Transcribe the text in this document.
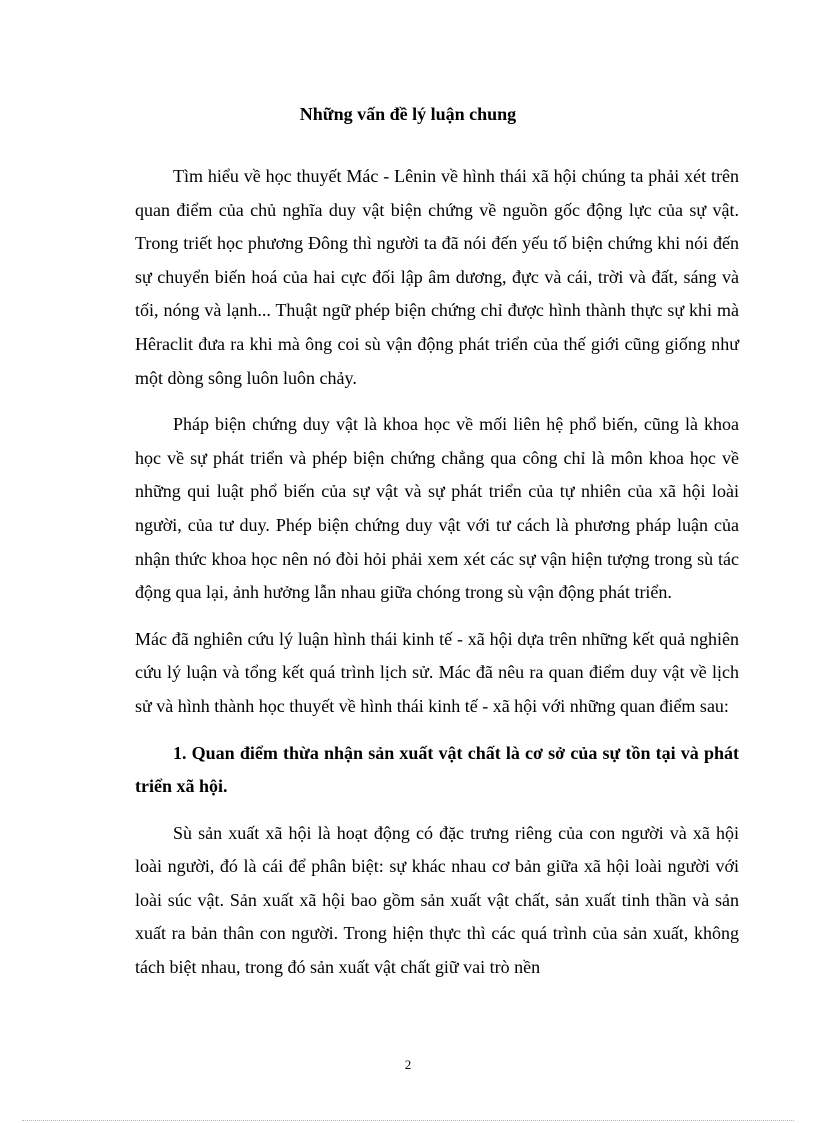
Những vấn đề lý luận chung

Tìm hiểu về học thuyết Mác - Lênin về hình thái xã hội chúng ta phải xét trên quan điểm của chủ nghĩa duy vật biện chứng về nguồn gốc động lực của sự vật. Trong triết học phương Đông thì người ta đã nói đến yếu tố biện chứng khi nói đến sự chuyển biến hoá của hai cực đối lập âm dương, đực và cái, trời và đất, sáng và tối, nóng và lạnh... Thuật ngữ phép biện chứng chỉ được hình thành thực sự khi mà Hêraclit đưa ra khi mà ông coi sù vận động phát triển của thế giới cũng giống như một dòng sông luôn luôn chảy.

Pháp biện chứng duy vật là khoa học về mối liên hệ phổ biến, cũng là khoa học về sự phát triển và phép biện chứng chẳng qua công chỉ là môn khoa học về những qui luật phổ biến của sự vật và sự phát triển của tự nhiên của xã hội loài người, của tư duy. Phép biện chứng duy vật với tư cách là phương pháp luận của nhận thức khoa học nên nó đòi hỏi phải xem xét các sự vận hiện tượng trong sù tác động qua lại, ảnh hưởng lẫn nhau giữa chóng trong sù vận động phát triển.

Mác đã nghiên cứu lý luận hình thái kinh tế - xã hội dựa trên những kết quả nghiên cứu lý luận và tổng kết quá trình lịch sử. Mác đã nêu ra quan điểm duy vật về lịch sử và hình thành học thuyết về hình thái kinh tế - xã hội với những quan điểm sau:

1. Quan điểm thừa nhận sản xuất vật chất là cơ sở của sự tồn tại và phát triển xã hội.

Sù sản xuất xã hội là hoạt động có đặc trưng riêng của con người và xã hội loài người, đó là cái để phân biệt: sự khác nhau cơ bản giữa xã hội loài người với loài súc vật. Sản xuất xã hội bao gồm sản xuất vật chất, sản xuất tinh thần và sản xuất ra bản thân con người. Trong hiện thực thì các quá trình của sản xuất, không tách biệt nhau, trong đó sản xuất vật chất giữ vai trò nền

2
